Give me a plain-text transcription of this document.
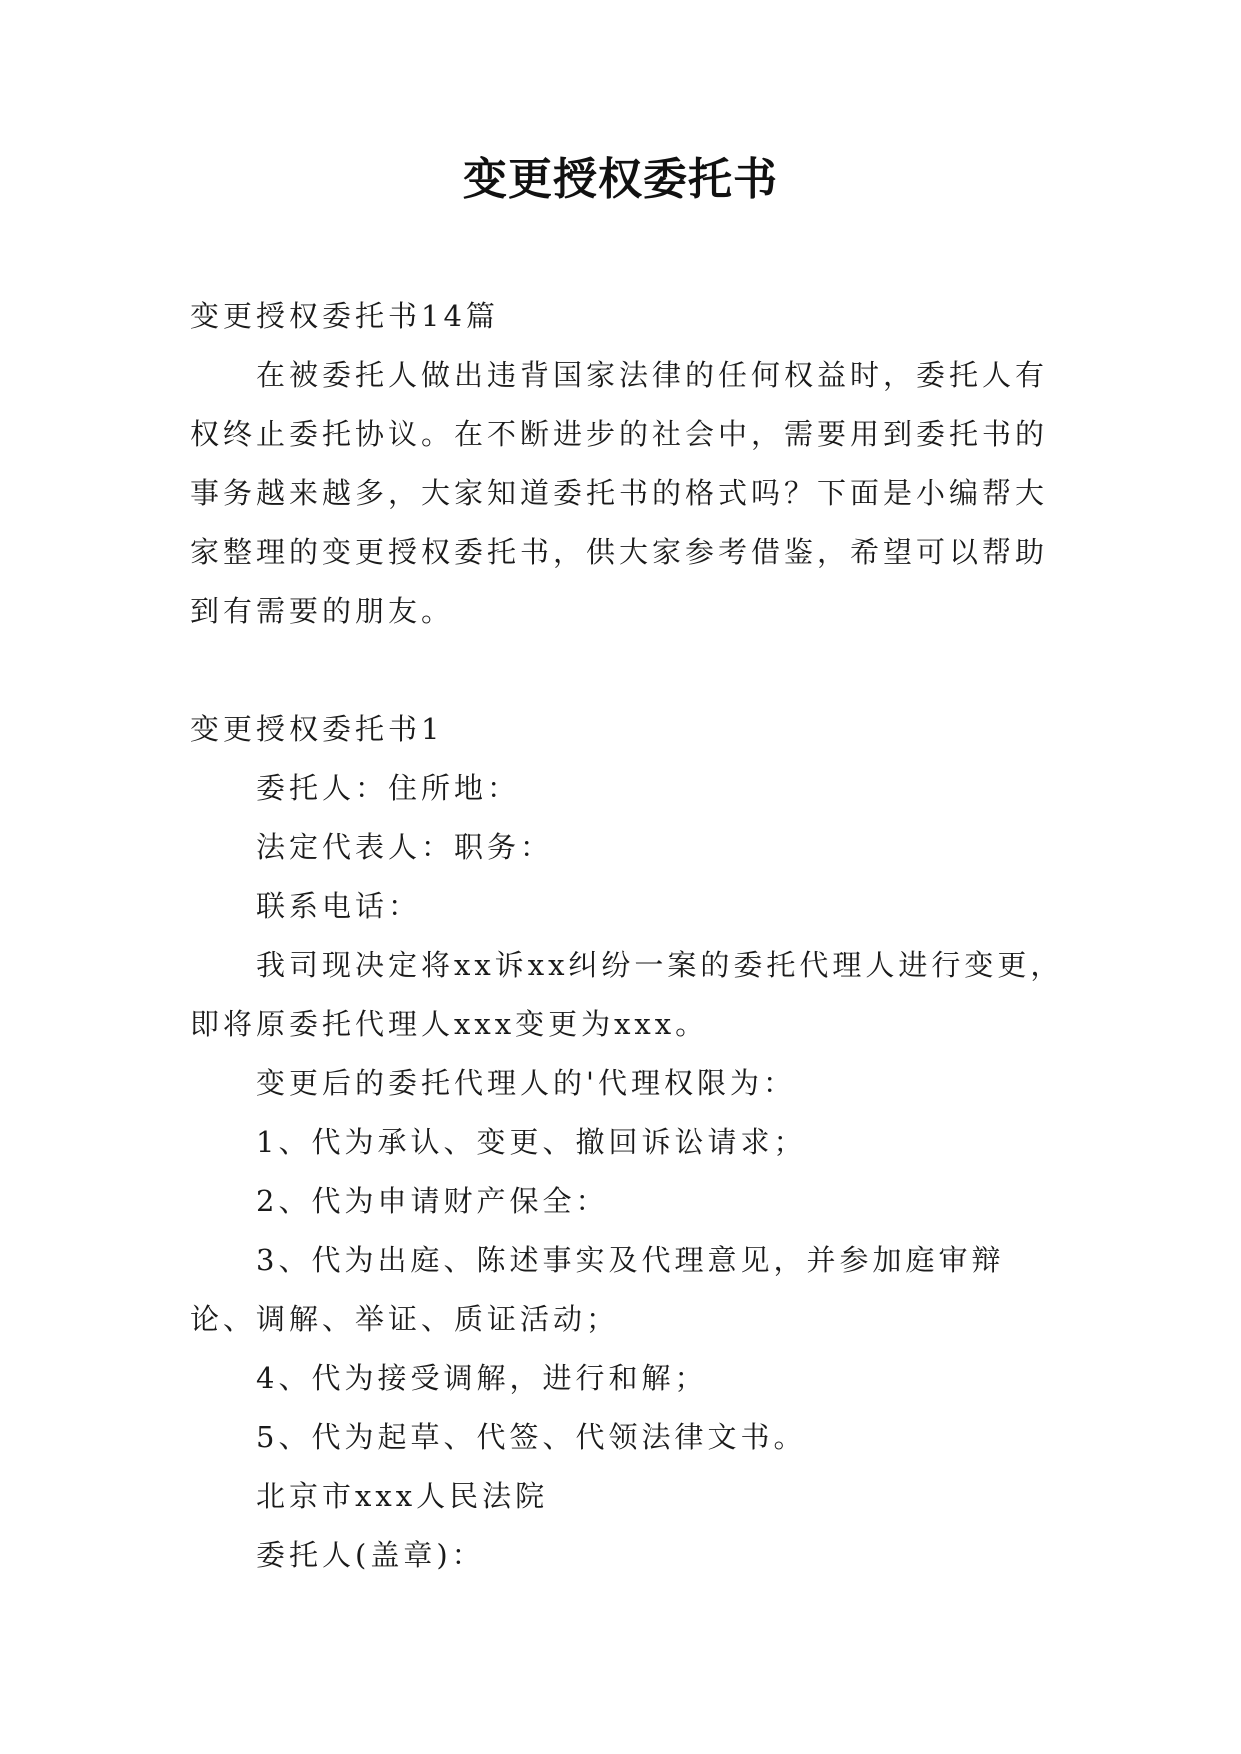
变更授权委托书

变更授权委托书14篇

在被委托人做出违背国家法律的任何权益时，委托人有权终止委托协议。在不断进步的社会中，需要用到委托书的事务越来越多，大家知道委托书的格式吗？下面是小编帮大家整理的变更授权委托书，供大家参考借鉴，希望可以帮助到有需要的朋友。

变更授权委托书1

委托人：住所地：

法定代表人：职务：

联系电话：

我司现决定将xx诉xx纠纷一案的委托代理人进行变更，即将原委托代理人xxx变更为xxx。

变更后的委托代理人的'代理权限为：

1、代为承认、变更、撤回诉讼请求；

2、代为申请财产保全：

3、代为出庭、陈述事实及代理意见，并参加庭审辩论、调解、举证、质证活动；

4、代为接受调解，进行和解；

5、代为起草、代签、代领法律文书。

北京市xxx人民法院

委托人(盖章)：
